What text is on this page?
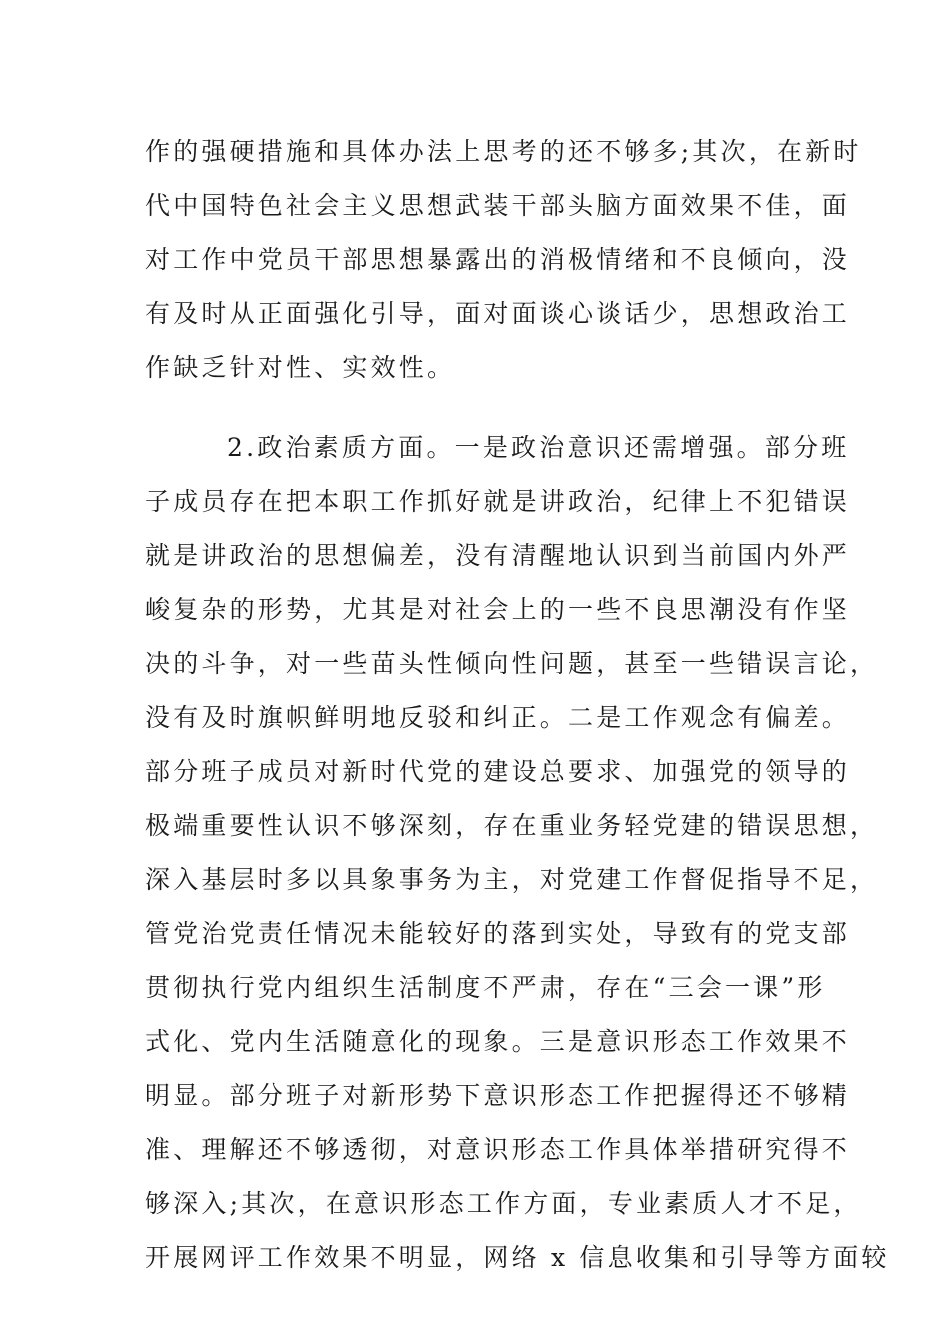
作的强硬措施和具体办法上思考的还不够多;其次，在新时
代中国特色社会主义思想武装干部头脑方面效果不佳，面
对工作中党员干部思想暴露出的消极情绪和不良倾向，没
有及时从正面强化引导，面对面谈心谈话少，思想政治工
作缺乏针对性、实效性。
2.政治素质方面。一是政治意识还需增强。部分班
子成员存在把本职工作抓好就是讲政治，纪律上不犯错误
就是讲政治的思想偏差，没有清醒地认识到当前国内外严
峻复杂的形势，尤其是对社会上的一些不良思潮没有作坚
决的斗争，对一些苗头性倾向性问题，甚至一些错误言论，
没有及时旗帜鲜明地反驳和纠正。二是工作观念有偏差。
部分班子成员对新时代党的建设总要求、加强党的领导的
极端重要性认识不够深刻，存在重业务轻党建的错误思想，
深入基层时多以具象事务为主，对党建工作督促指导不足，
管党治党责任情况未能较好的落到实处，导致有的党支部
贯彻执行党内组织生活制度不严肃，存在“三会一课”形
式化、党内生活随意化的现象。三是意识形态工作效果不
明显。部分班子对新形势下意识形态工作把握得还不够精
准、理解还不够透彻，对意识形态工作具体举措研究得不
够深入;其次，在意识形态工作方面，专业素质人才不足，
开展网评工作效果不明显，网络 x 信息收集和引导等方面较
